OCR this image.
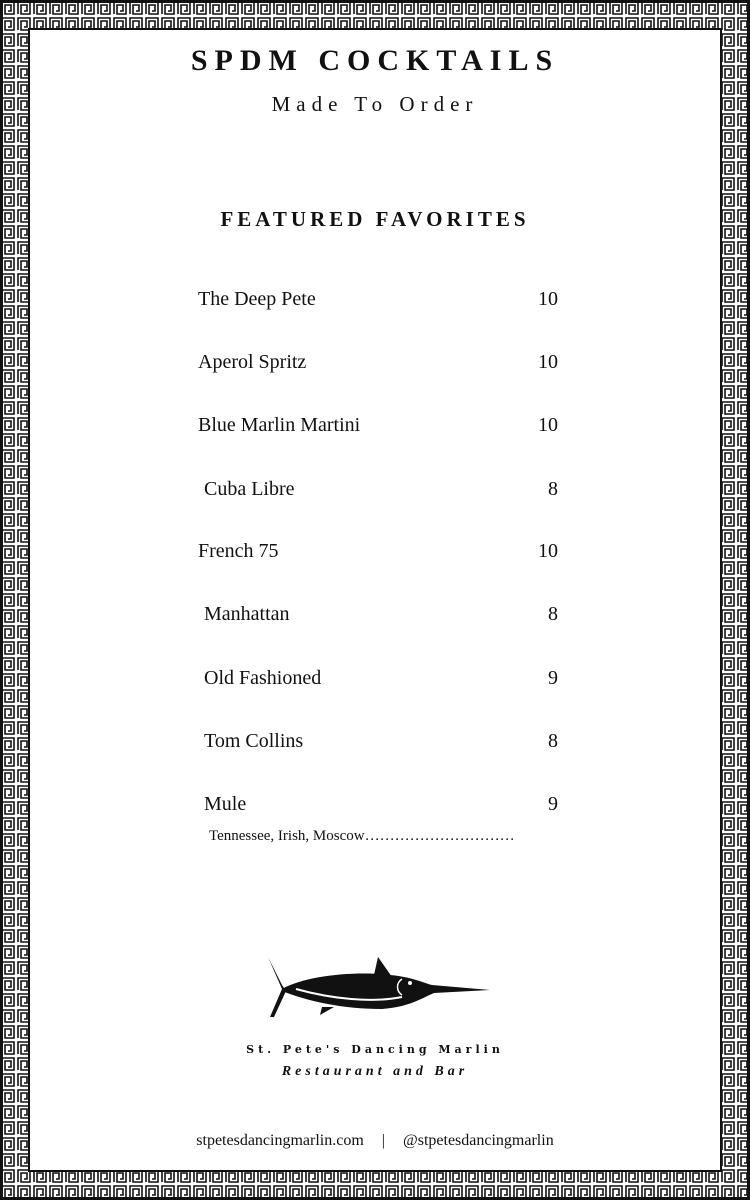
SPDM COCKTAILS
Made To Order
FEATURED FAVORITES
The Deep Pete	10
Aperol Spritz	10
Blue Marlin Martini	10
Cuba Libre	8
French 75	10
Manhattan	8
Old Fashioned	9
Tom Collins	8
Mule	9
Tennessee, Irish, Moscow…………………………
St. Pete's Dancing Marlin
Restaurant and Bar
stpetesdancingmarlin.com | @stpetesdancingmarlin
